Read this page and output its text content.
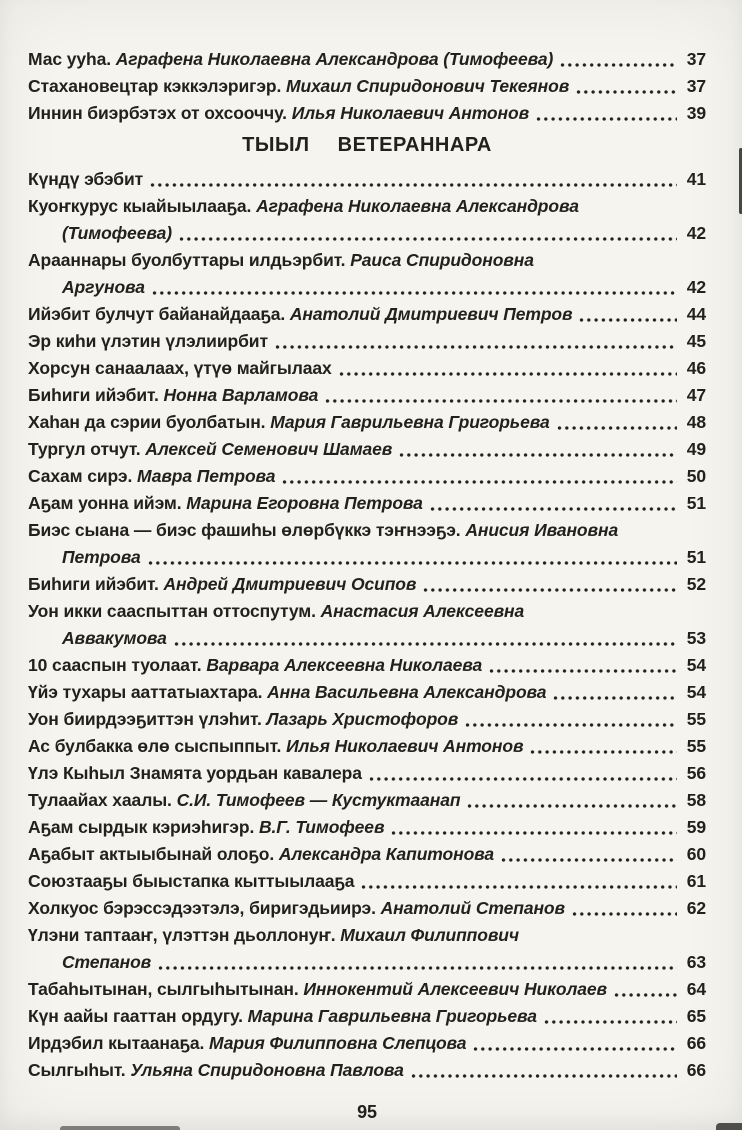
Мас ууһа. Аграфена Николаевна Александрова (Тимофеева)	37
Стахановецтар кэккэлэригэр. Михаил Спиридонович Текеянов	37
Иннин биэрбэтэх от охсооччу. Илья Николаевич Антонов	39
ТЫЫЛ ВЕТЕРАННАРА
Күндү эбэбит	41
Куоҥкурус кыайыылааҕа. Аграфена Николаевна Александрова
(Тимофеева)	42
Арааннары буолбуттары илдьэрбит. Раиса Спиридоновна
Аргунова	42
Ийэбит булчут байанайдааҕа. Анатолий Дмитриевич Петров	44
Эр киһи үлэтин үлэлиирбит	45
Хорсун санаалаах, үтүө майгылаах	46
Биһиги ийэбит. Нонна Варламова	47
Хаһан да сэрии буолбатын. Мария Гаврильевна Григорьева	48
Тургул отчут. Алексей Семенович Шамаев	49
Сахам сирэ. Мавра Петрова	50
Аҕам уонна ийэм. Марина Егоровна Петрова	51
Биэс сыана — биэс фашиһы өлөрбүккэ тэҥнээҕэ. Анисия Ивановна
Петрова	51
Биһиги ийэбит. Андрей Дмитриевич Осипов	52
Уон икки сааспыттан оттоспутум. Анастасия Алексеевна
Аввакумова	53
10 сааспын туолаат. Варвара Алексеевна Николаева	54
Үйэ тухары ааттатыахтара. Анна Васильевна Александрова	54
Уон биирдээҕиттэн үлэһит. Лазарь Христофоров	55
Ас булбакка өлө сыспыппыт. Илья Николаевич Антонов	55
Үлэ Кыһыл Знамята уордьан кавалера	56
Тулаайах хаалы. С.И. Тимофеев — Кустуктаанап	58
Аҕам сырдык кэриэһигэр. В.Г. Тимофеев	59
Аҕабыт актыыбынай олоҕо. Александра Капитонова	60
Союзтааҕы быыстапка кыттыылааҕа	61
Холкуос бэрэссэдээтэлэ, биригэдьиирэ. Анатолий Степанов	62
Үлэни таптааҥ, үлэттэн дьоллонуҥ. Михаил Филиппович
Степанов	63
Табаһытынан, сылгыһытынан. Иннокентий Алексеевич Николаев	64
Күн аайы гааттан ордугу. Марина Гаврильевна Григорьева	65
Ирдэбил кытаанаҕа. Мария Филипповна Слепцова	66
Сылгыһыт. Ульяна Спиридоновна Павлова	66
95
